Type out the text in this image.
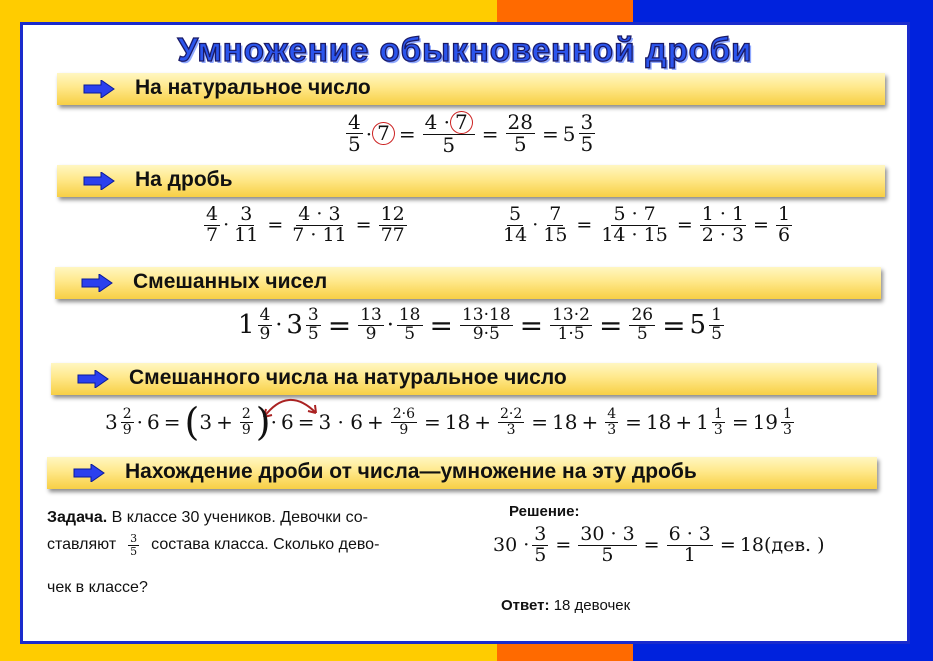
Умножение обыкновенной дроби
На натуральное число
$\frac{4}{5} \cdot 7 = \frac{4 \cdot 7}{5} = \frac{28}{5} = 5 \frac{3}{5}$
На дробь
$\frac{4}{7} \cdot \frac{3}{11} = \frac{4 \cdot 3}{7 \cdot 11} = \frac{12}{77}$	$\frac{5}{14} \cdot \frac{7}{15} = \frac{5 \cdot 7}{14 \cdot 15} = \frac{1 \cdot 1}{2 \cdot 3} = \frac{1}{6}$
Смешанных чисел
$1 \frac{4}{9} \cdot 3 \frac{3}{5} = \frac{13}{9} \cdot \frac{18}{5} = \frac{13\cdot 18}{9\cdot 5} = \frac{13\cdot 2}{1\cdot 5} = \frac{26}{5} = 5 \frac{1}{5}$
Смешанного числа на натуральное число
$3 \frac{2}{9} \cdot 6$ = ( $3 + \frac{2}{9}$ ) · $6 = 3 \cdot 6 + \frac{2\cdot 6}{9} = 18 + \frac{2\cdot 2}{3} = 18 + \frac{4}{3} = 18 + 1 \frac{1}{3} = 19 \frac{1}{3}$
Нахождение дроби от числа—умножение на эту дробь
Задача. В классе 30 учеников. Девочки со-
ставляют $\frac{3}{5}$ состава класса. Сколько дево-
чек в классе?
Решение:
$30 \cdot \frac{3}{5} = \frac{30 \cdot 3}{5} = \frac{6 \cdot 3}{1} = 18(дев$. )
Ответ: 18 девочек
